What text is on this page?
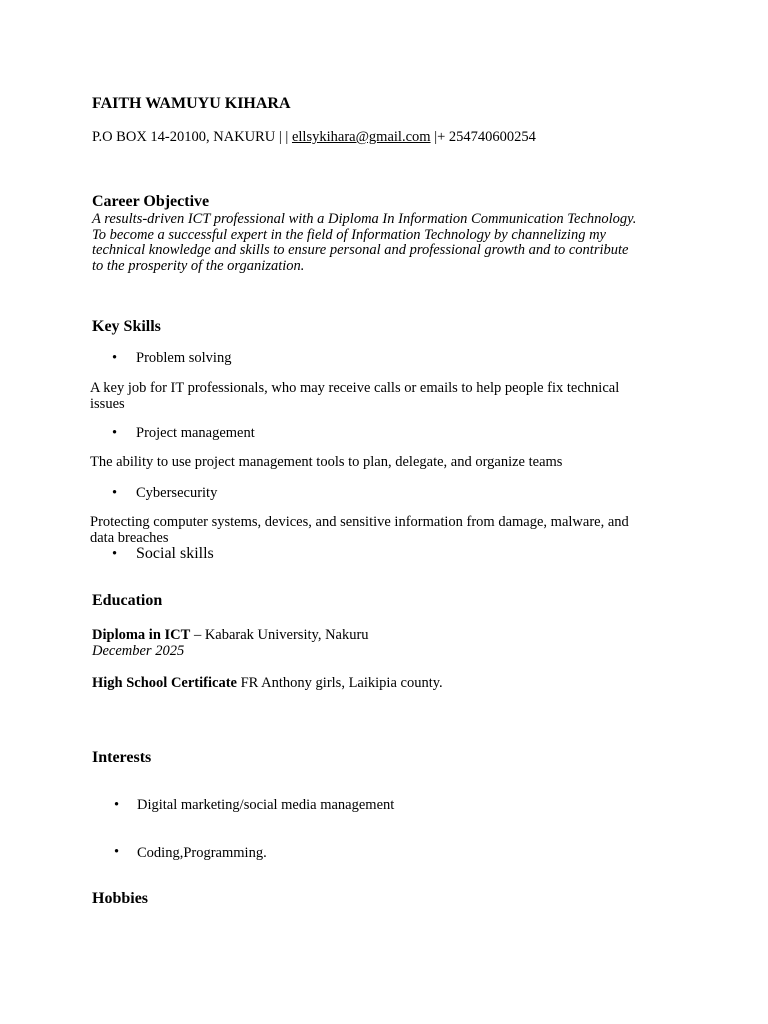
FAITH WAMUYU KIHARA
P.O BOX 14-20100, NAKURU | | ellsykihara@gmail.com |+ 254740600254
Career Objective
A results-driven ICT professional with a Diploma In Information Communication Technology.
To become a successful expert in the field of Information Technology by channelizing my
technical knowledge and skills to ensure personal and professional growth and to contribute
to the prosperity of the organization.
Key Skills
• Problem solving
A key job for IT professionals, who may receive calls or emails to help people fix technical
issues
• Project management
The ability to use project management tools to plan, delegate, and organize teams
• Cybersecurity
Protecting computer systems, devices, and sensitive information from damage, malware, and
data breaches
• Social skills
Education
Diploma in ICT – Kabarak University, Nakuru
December 2025
High School Certificate FR Anthony girls, Laikipia county.
Interests
• Digital marketing/social media management
• Coding,Programming.
Hobbies
